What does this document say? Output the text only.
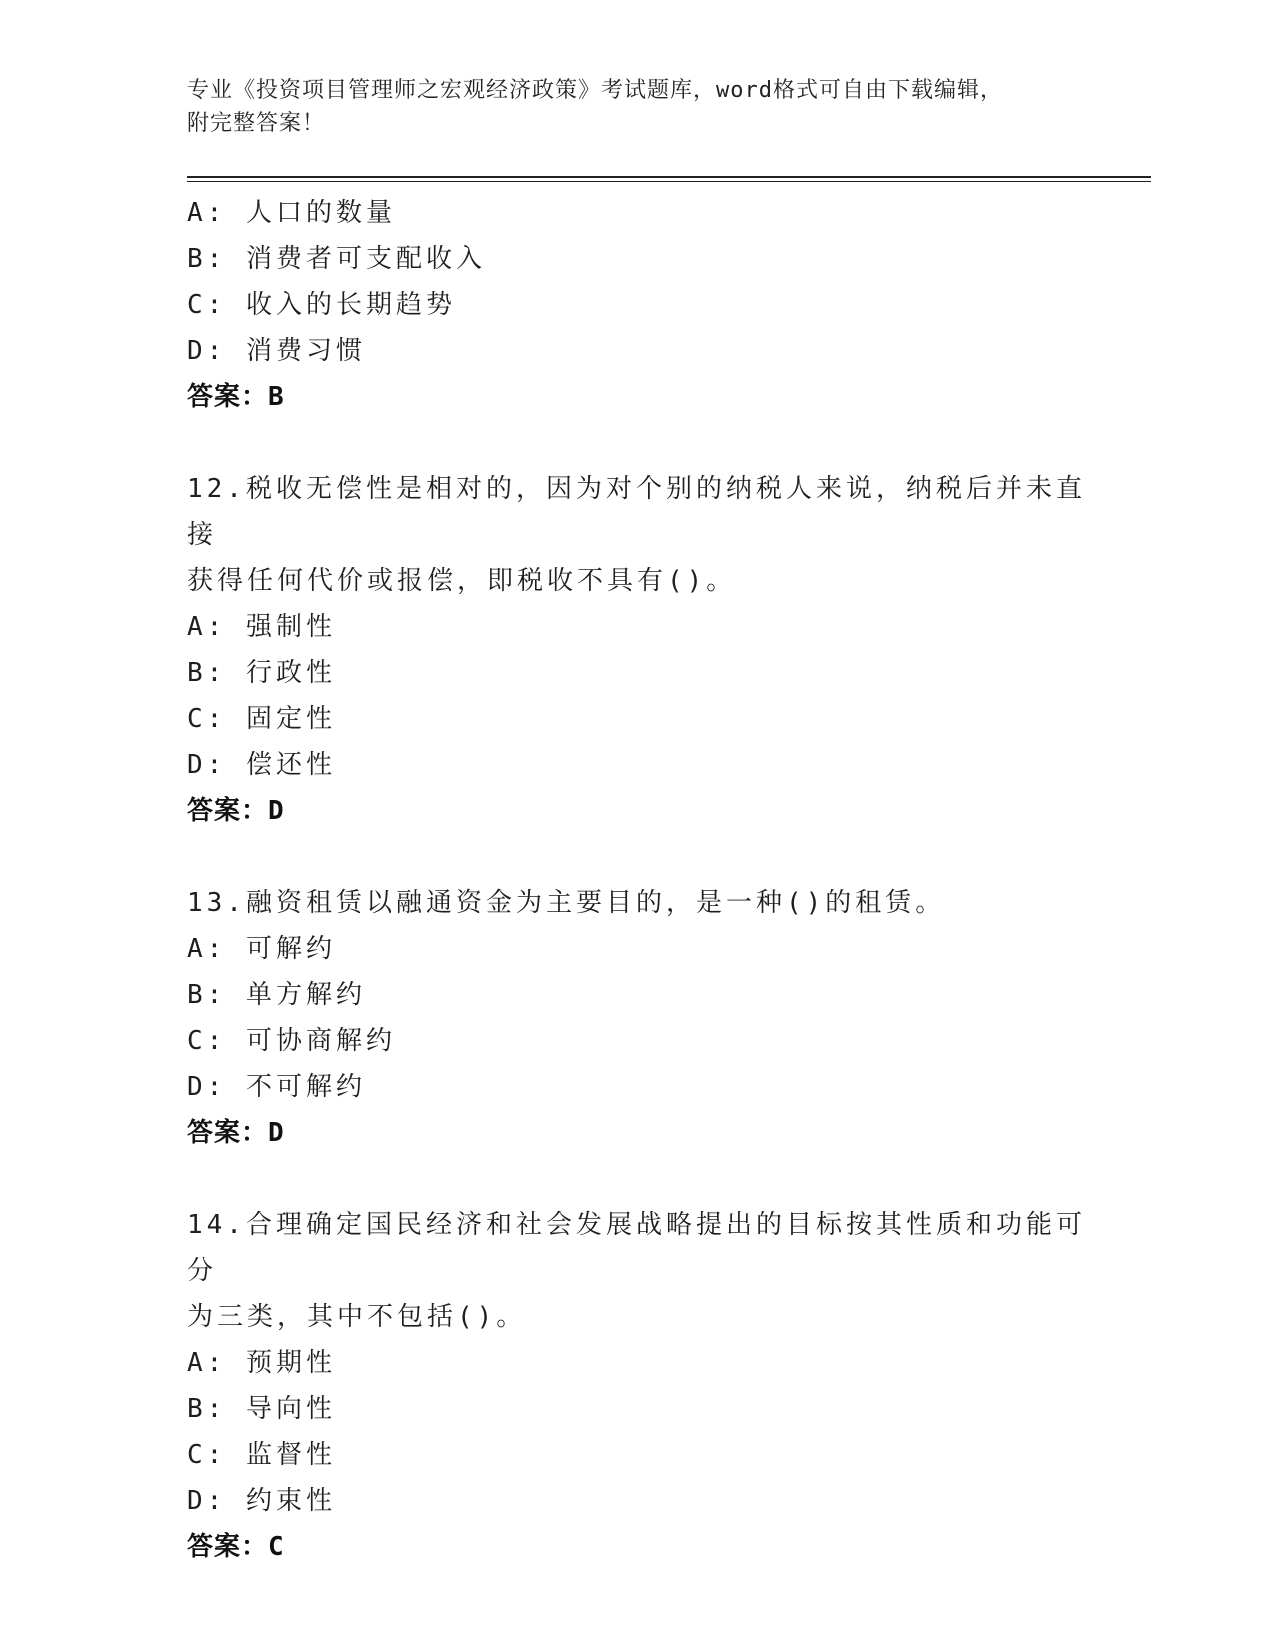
专业《投资项目管理师之宏观经济政策》考试题库，word格式可自由下载编辑，
附完整答案！
A: 人口的数量
B: 消费者可支配收入
C: 收入的长期趋势
D: 消费习惯
答案：B
12.税收无偿性是相对的，因为对个别的纳税人来说，纳税后并未直接
获得任何代价或报偿，即税收不具有()。
A: 强制性
B: 行政性
C: 固定性
D: 偿还性
答案：D
13.融资租赁以融通资金为主要目的，是一种()的租赁。
A: 可解约
B: 单方解约
C: 可协商解约
D: 不可解约
答案：D
14.合理确定国民经济和社会发展战略提出的目标按其性质和功能可分
为三类，其中不包括()。
A: 预期性
B: 导向性
C: 监督性
D: 约束性
答案：C
